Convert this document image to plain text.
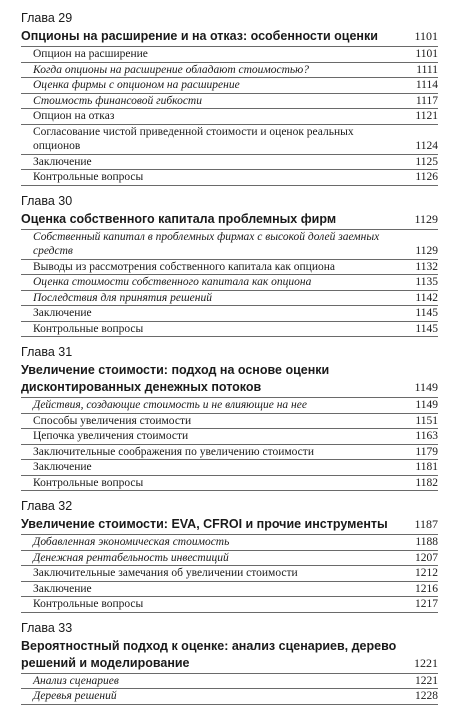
Глава 29
Опционы на расширение и на отказ: особенности оценки	1101
Опцион на расширение	1101
Когда опционы на расширение обладают стоимостью?	1111
Оценка фирмы с опционом на расширение	1114
Стоимость финансовой гибкости	1117
Опцион на отказ	1121
Согласование чистой приведенной стоимости и оценок реальных опционов	1124
Заключение	1125
Контрольные вопросы	1126
Глава 30
Оценка собственного капитала проблемных фирм	1129
Собственный капитал в проблемных фирмах с высокой долей заемных средств	1129
Выводы из рассмотрения собственного капитала как опциона	1132
Оценка стоимости собственного капитала как опциона	1135
Последствия для принятия решений	1142
Заключение	1145
Контрольные вопросы	1145
Глава 31
Увеличение стоимости: подход на основе оценки дисконтированных денежных потоков	1149
Действия, создающие стоимость и не влияющие на нее	1149
Способы увеличения стоимости	1151
Цепочка увеличения стоимости	1163
Заключительные соображения по увеличению стоимости	1179
Заключение	1181
Контрольные вопросы	1182
Глава 32
Увеличение стоимости: EVA, CFROI и прочие инструменты	1187
Добавленная экономическая стоимость	1188
Денежная рентабельность инвестиций	1207
Заключительные замечания об увеличении стоимости	1212
Заключение	1216
Контрольные вопросы	1217
Глава 33
Вероятностный подход к оценке: анализ сценариев, дерево решений и моделирование	1221
Анализ сценариев	1221
Деревья решений	1228
